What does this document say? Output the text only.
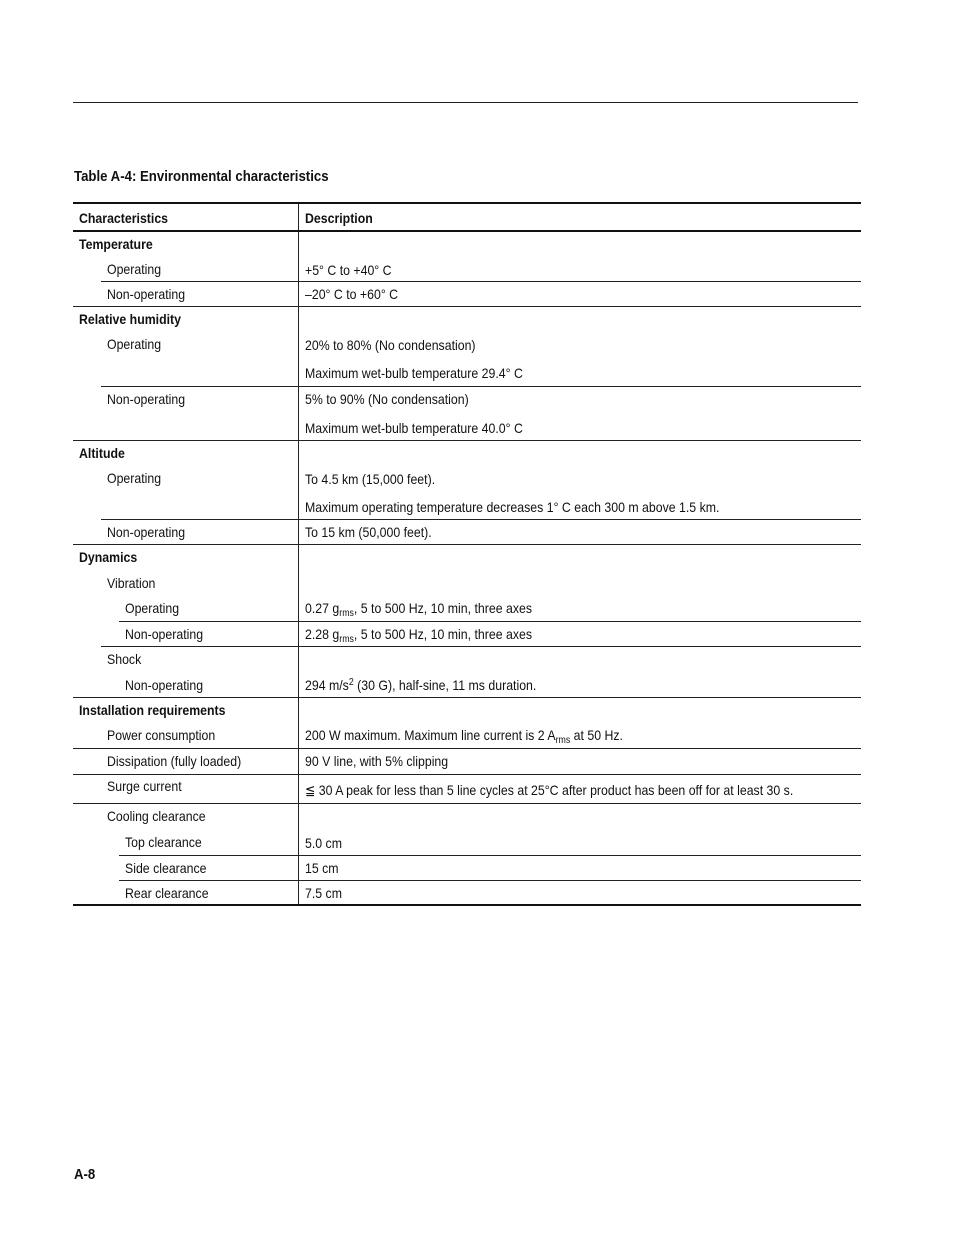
Table A-4: Environmental characteristics
Characteristics	Description
Temperature
Operating	+5° C to +40° C
Non-operating	–20° C to +60° C
Relative humidity
Operating	20% to 80% (No condensation)
Maximum wet-bulb temperature 29.4° C
Non-operating	5% to 90% (No condensation)
Maximum wet-bulb temperature 40.0° C
Altitude
Operating	To 4.5 km (15,000 feet).
Maximum operating temperature decreases 1° C each 300 m above 1.5 km.
Non-operating	To 15 km (50,000 feet).
Dynamics
Vibration
Operating	0.27 $g_{rms}$, 5 to 500 Hz, 10 min, three axes
Non-operating	2.28 $g_{rms}$, 5 to 500 Hz, 10 min, three axes
Shock
Non-operating	294 $m/s^2$ (30 G), half-sine, 11 ms duration.
Installation requirements
Power consumption	200 W maximum. Maximum line current is 2 $A_{rms}$ at 50 Hz.
Dissipation (fully loaded)	90 V line, with 5% clipping
Surge current	≦ 30 A peak for less than 5 line cycles at 25°C after product has been off for at least 30 s.
Cooling clearance
Top clearance	5.0 cm
Side clearance	15 cm
Rear clearance	7.5 cm
A-8
